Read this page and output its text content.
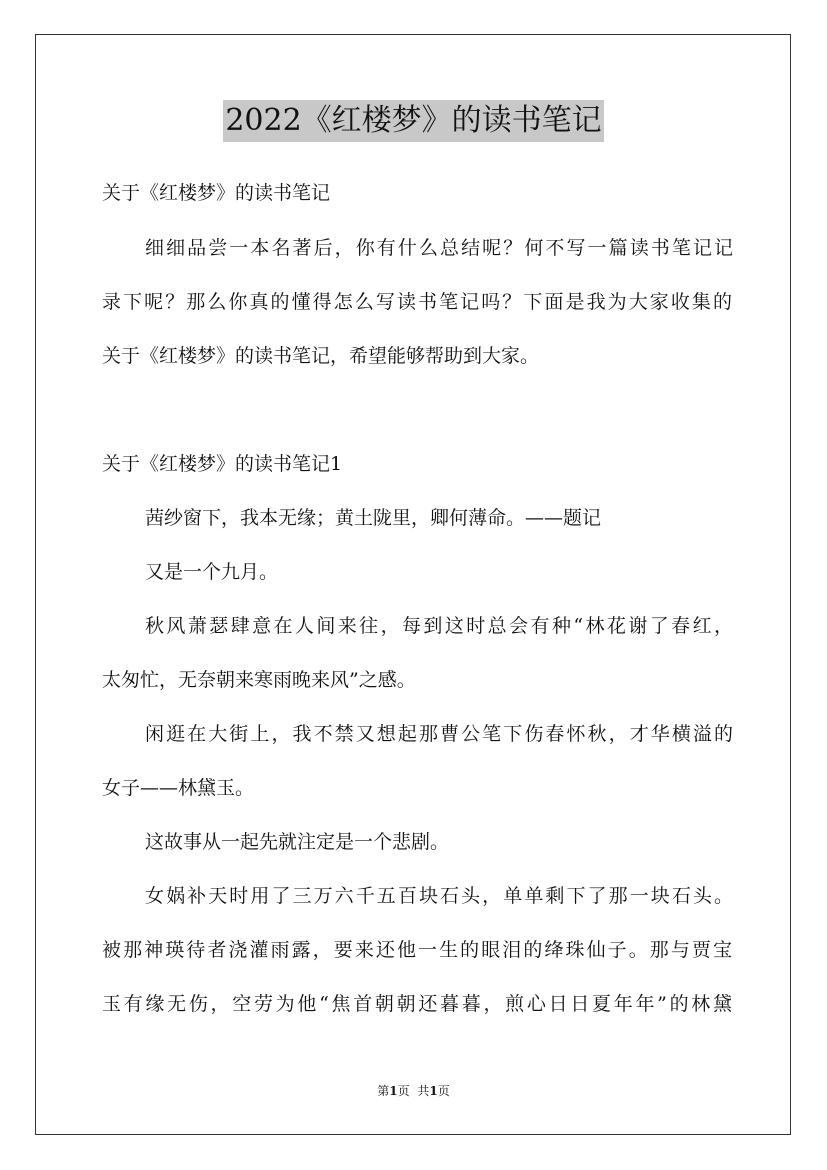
2022《红楼梦》的读书笔记
关于《红楼梦》的读书笔记
细细品尝一本名著后，你有什么总结呢？何不写一篇读书笔记记
录下呢？那么你真的懂得怎么写读书笔记吗？下面是我为大家收集的
关于《红楼梦》的读书笔记，希望能够帮助到大家。
关于《红楼梦》的读书笔记1
茜纱窗下，我本无缘；黄土陇里，卿何薄命。——题记
又是一个九月。
秋风萧瑟肆意在人间来往，每到这时总会有种“林花谢了春红，
太匆忙，无奈朝来寒雨晚来风”之感。
闲逛在大街上，我不禁又想起那曹公笔下伤春怀秋，才华横溢的
女子——林黛玉。
这故事从一起先就注定是一个悲剧。
女娲补天时用了三万六千五百块石头，单单剩下了那一块石头。
被那神瑛待者浇灌雨露，要来还他一生的眼泪的绛珠仙子。那与贾宝
玉有缘无伤，空劳为他“焦首朝朝还暮暮，煎心日日夏年年”的林黛
第1页 共1页
